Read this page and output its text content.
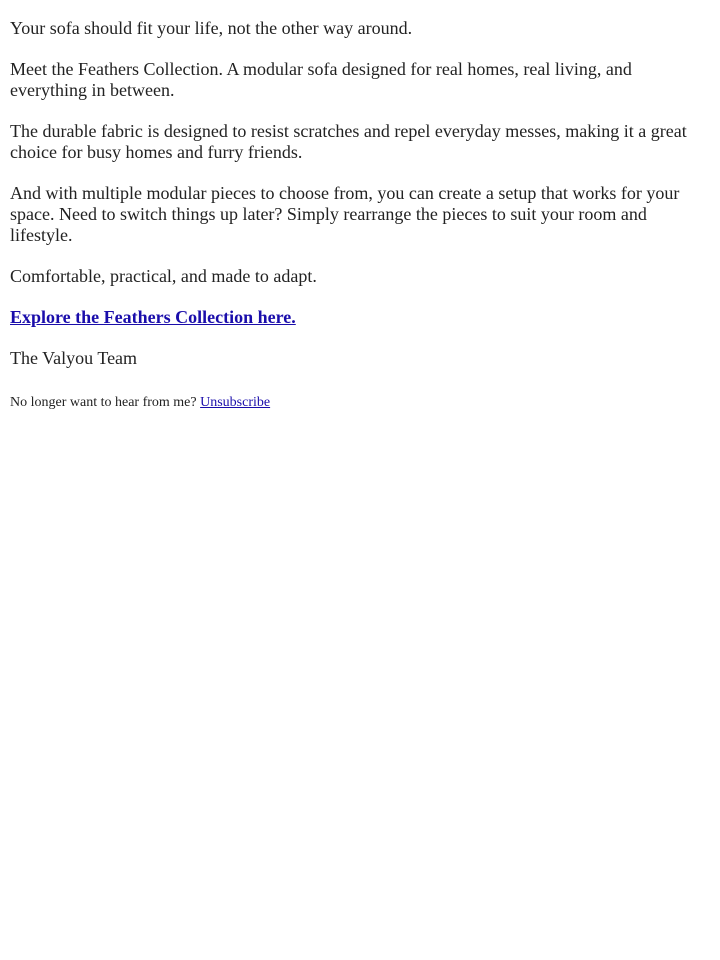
Your sofa should fit your life, not the other way around.

Meet the Feathers Collection. A modular sofa designed for real homes, real living, and everything in between.

The durable fabric is designed to resist scratches and repel everyday messes, making it a great choice for busy homes and furry friends.

And with multiple modular pieces to choose from, you can create a setup that works for your space. Need to switch things up later? Simply rearrange the pieces to suit your room and lifestyle.

Comfortable, practical, and made to adapt.

Explore the Feathers Collection here.

The Valyou Team

No longer want to hear from me? Unsubscribe
